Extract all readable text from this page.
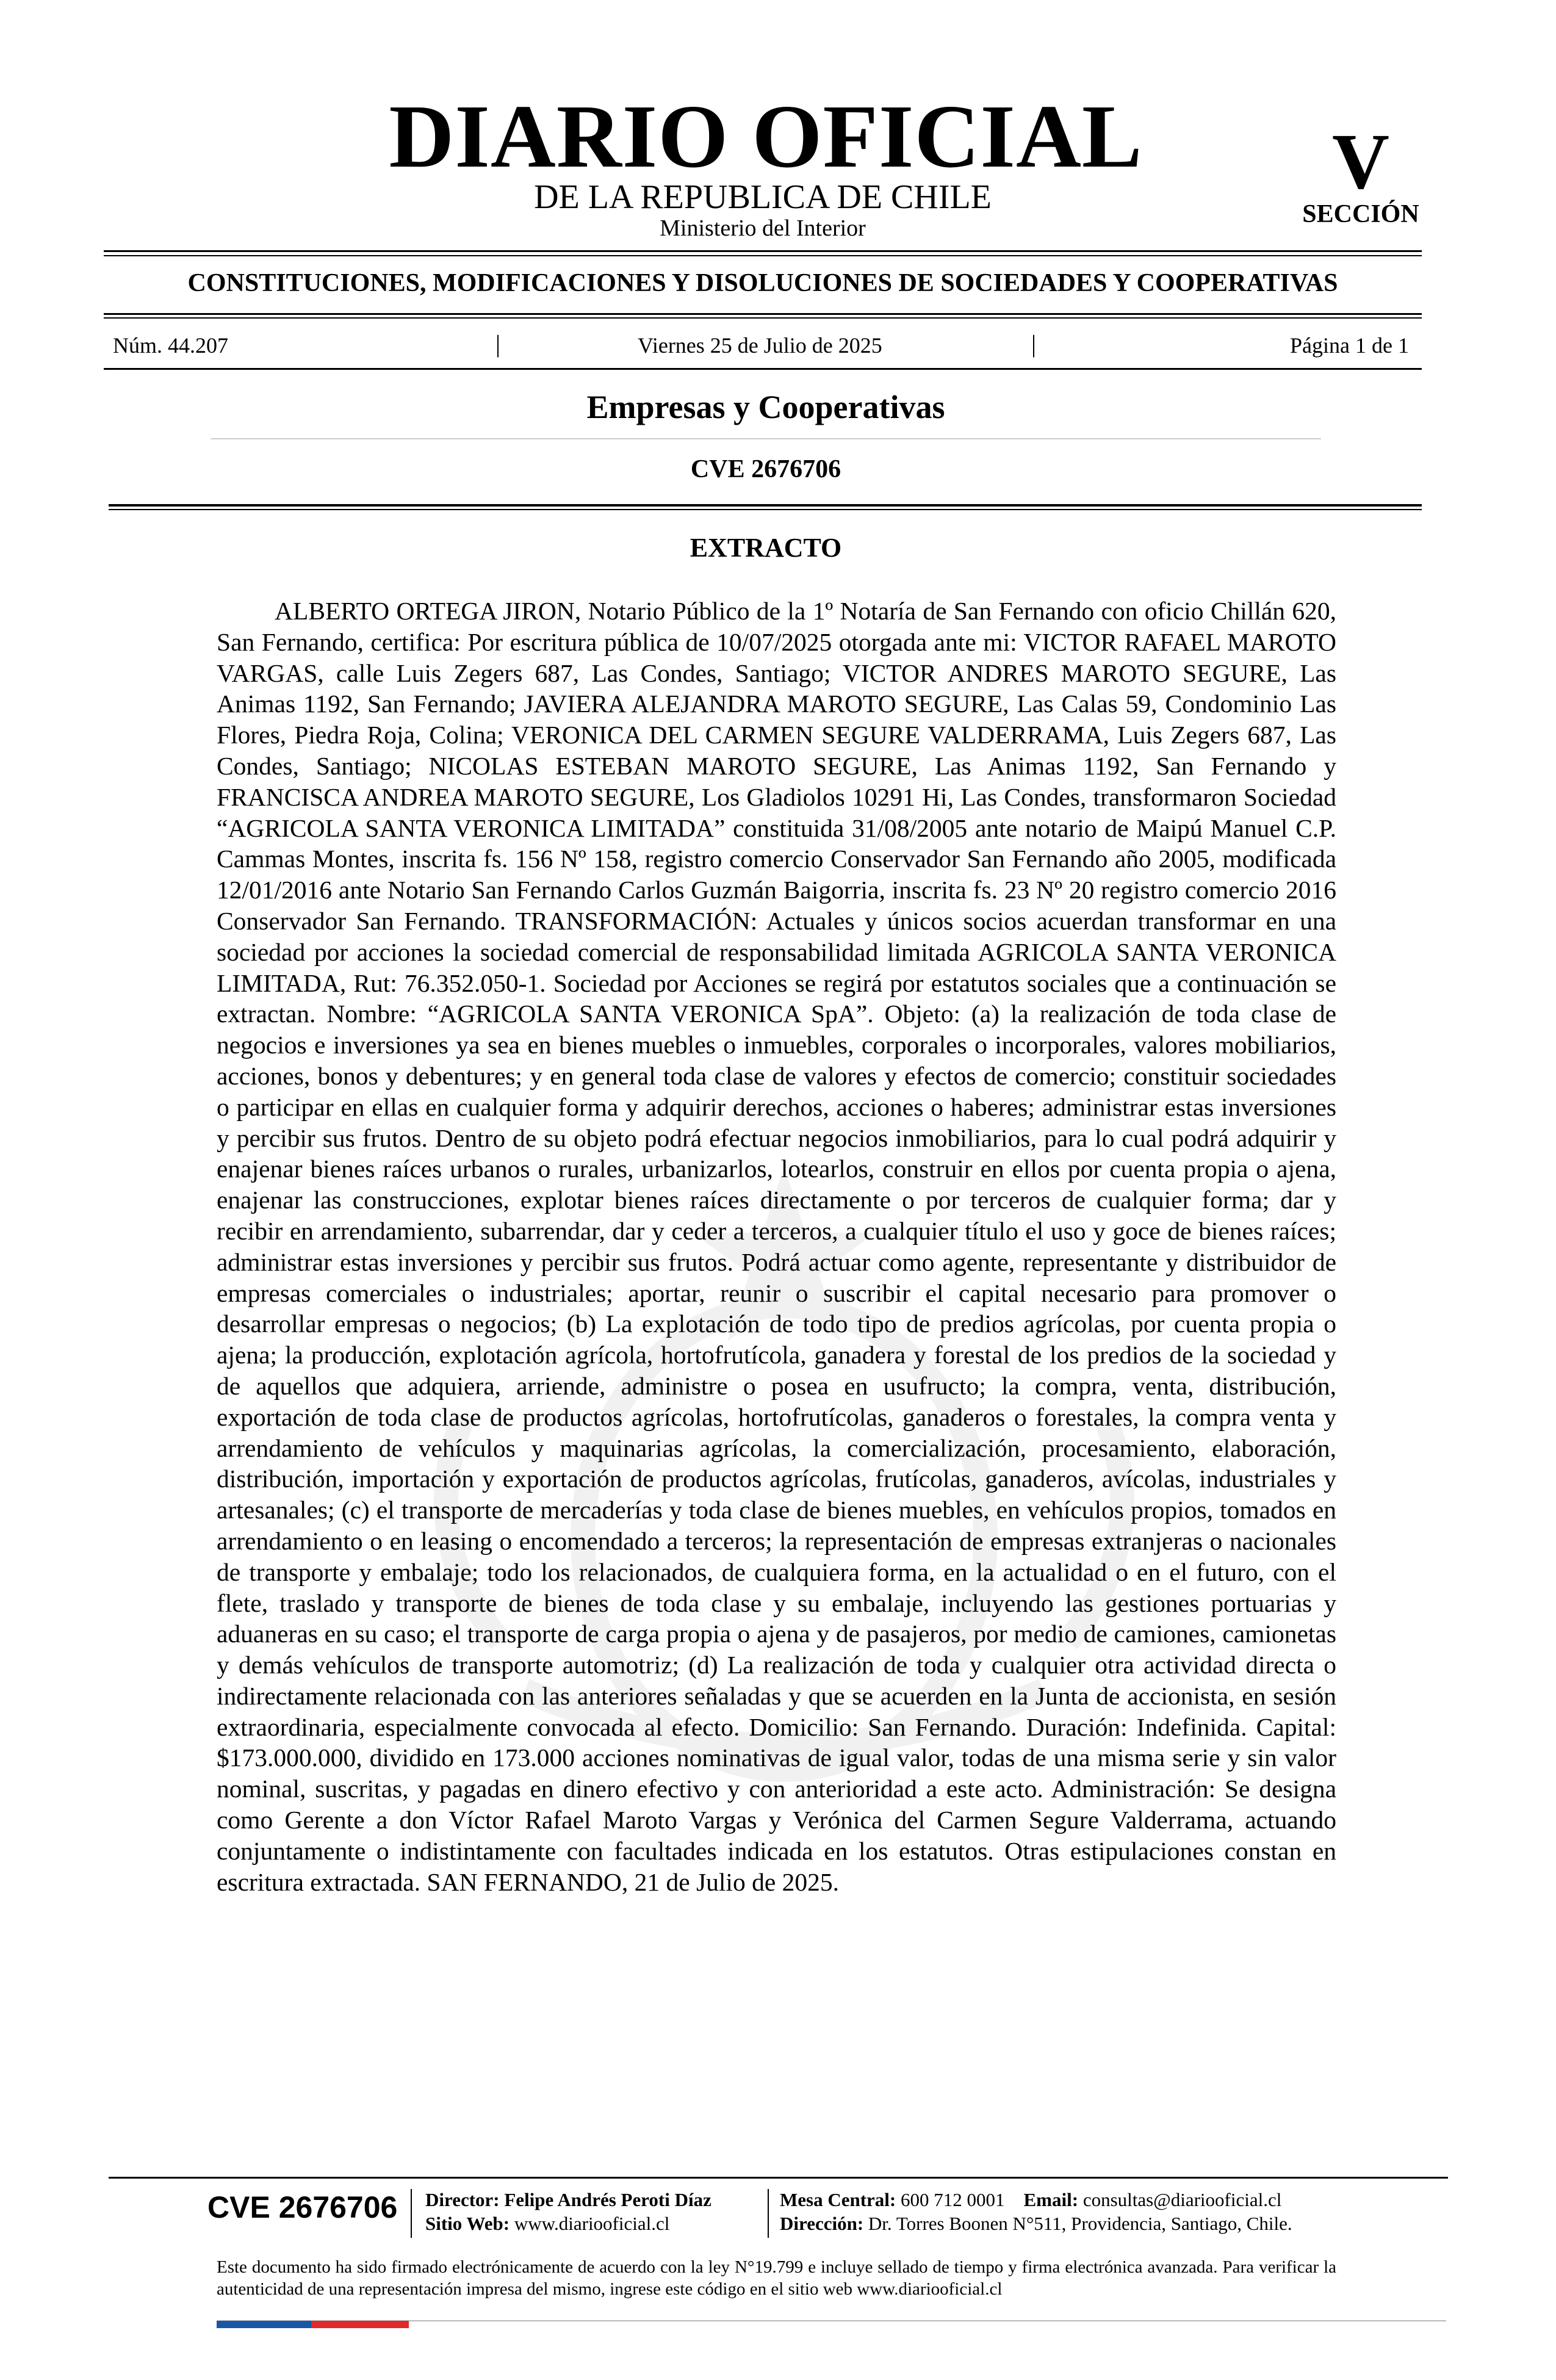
DIARIO OFICIAL
DE LA REPUBLICA DE CHILE
Ministerio del Interior
V
SECCIÓN
CONSTITUCIONES, MODIFICACIONES Y DISOLUCIONES DE SOCIEDADES Y COOPERATIVAS
Núm. 44.207	|	Viernes 25 de Julio de 2025	|	Página 1 de 1
Empresas y Cooperativas
CVE 2676706
EXTRACTO

ALBERTO ORTEGA JIRON, Notario Público de la 1º Notaría de San Fernando con oficio Chillán 620, San Fernando, certifica: Por escritura pública de 10/07/2025 otorgada ante mi: VICTOR RAFAEL MAROTO VARGAS, calle Luis Zegers 687, Las Condes, Santiago; VICTOR ANDRES MAROTO SEGURE, Las Animas 1192, San Fernando; JAVIERA ALEJANDRA MAROTO SEGURE, Las Calas 59, Condominio Las Flores, Piedra Roja, Colina; VERONICA DEL CARMEN SEGURE VALDERRAMA, Luis Zegers 687, Las Condes, Santiago; NICOLAS ESTEBAN MAROTO SEGURE, Las Animas 1192, San Fernando y FRANCISCA ANDREA MAROTO SEGURE, Los Gladiolos 10291 Hi, Las Condes, transformaron Sociedad “AGRICOLA SANTA VERONICA LIMITADA” constituida 31/08/2005 ante notario de Maipú Manuel C.P. Cammas Montes, inscrita fs. 156 Nº 158, registro comercio Conservador San Fernando año 2005, modificada 12/01/2016 ante Notario San Fernando Carlos Guzmán Baigorria, inscrita fs. 23 Nº 20 registro comercio 2016 Conservador San Fernando. TRANSFORMACIÓN: Actuales y únicos socios acuerdan transformar en una sociedad por acciones la sociedad comercial de responsabilidad limitada AGRICOLA SANTA VERONICA LIMITADA, Rut: 76.352.050-1. Sociedad por Acciones se regirá por estatutos sociales que a continuación se extractan. Nombre: “AGRICOLA SANTA VERONICA SpA”. Objeto: (a) la realización de toda clase de negocios e inversiones ya sea en bienes muebles o inmuebles, corporales o incorporales, valores mobiliarios, acciones, bonos y debentures; y en general toda clase de valores y efectos de comercio; constituir sociedades o participar en ellas en cualquier forma y adquirir derechos, acciones o haberes; administrar estas inversiones y percibir sus frutos. Dentro de su objeto podrá efectuar negocios inmobiliarios, para lo cual podrá adquirir y enajenar bienes raíces urbanos o rurales, urbanizarlos, lotearlos, construir en ellos por cuenta propia o ajena, enajenar las construcciones, explotar bienes raíces directamente o por terceros de cualquier forma; dar y recibir en arrendamiento, subarrendar, dar y ceder a terceros, a cualquier título el uso y goce de bienes raíces; administrar estas inversiones y percibir sus frutos. Podrá actuar como agente, representante y distribuidor de empresas comerciales o industriales; aportar, reunir o suscribir el capital necesario para promover o desarrollar empresas o negocios; (b) La explotación de todo tipo de predios agrícolas, por cuenta propia o ajena; la producción, explotación agrícola, hortofrutícola, ganadera y forestal de los predios de la sociedad y de aquellos que adquiera, arriende, administre o posea en usufructo; la compra, venta, distribución, exportación de toda clase de productos agrícolas, hortofrutícolas, ganaderos o forestales, la compra venta y arrendamiento de vehículos y maquinarias agrícolas, la comercialización, procesamiento, elaboración, distribución, importación y exportación de productos agrícolas, frutícolas, ganaderos, avícolas, industriales y artesanales; (c) el transporte de mercaderías y toda clase de bienes muebles, en vehículos propios, tomados en arrendamiento o en leasing o encomendado a terceros; la representación de empresas extranjeras o nacionales de transporte y embalaje; todo los relacionados, de cualquiera forma, en la actualidad o en el futuro, con el flete, traslado y transporte de bienes de toda clase y su embalaje, incluyendo las gestiones portuarias y aduaneras en su caso; el transporte de carga propia o ajena y de pasajeros, por medio de camiones, camionetas y demás vehículos de transporte automotriz; (d) La realización de toda y cualquier otra actividad directa o indirectamente relacionada con las anteriores señaladas y que se acuerden en la Junta de accionista, en sesión extraordinaria, especialmente convocada al efecto. Domicilio: San Fernando. Duración: Indefinida. Capital: $173.000.000, dividido en 173.000 acciones nominativas de igual valor, todas de una misma serie y sin valor nominal, suscritas, y pagadas en dinero efectivo y con anterioridad a este acto. Administración: Se designa como Gerente a don Víctor Rafael Maroto Vargas y Verónica del Carmen Segure Valderrama, actuando conjuntamente o indistintamente con facultades indicada en los estatutos. Otras estipulaciones constan en escritura extractada. SAN FERNANDO, 21 de Julio de 2025.

CVE 2676706 Director: Felipe Andrés Peroti Díaz
Sitio Web: www.diariooficial.cl
Mesa Central: 600 712 0001 Email: consultas@diariooficial.cl
Dirección: Dr. Torres Boonen N°511, Providencia, Santiago, Chile.

Este documento ha sido firmado electrónicamente de acuerdo con la ley N°19.799 e incluye sellado de tiempo y firma electrónica avanzada. Para verificar la autenticidad de una representación impresa del mismo, ingrese este código en el sitio web www.diariooficial.cl
